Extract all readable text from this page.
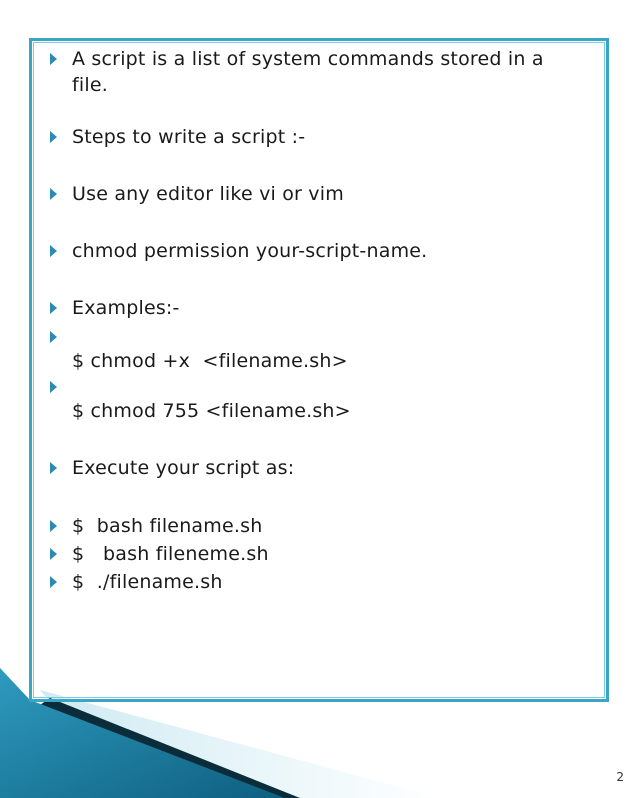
A script is a list of system commands stored in a file.
Steps to write a script :-
Use any editor like vi or vim
chmod permission your-script-name.
Examples:-
$ chmod +x  <filename.sh>
$ chmod 755 <filename.sh>
Execute your script as:
$  bash filename.sh
$   bash fileneme.sh
$  ./filename.sh
2
